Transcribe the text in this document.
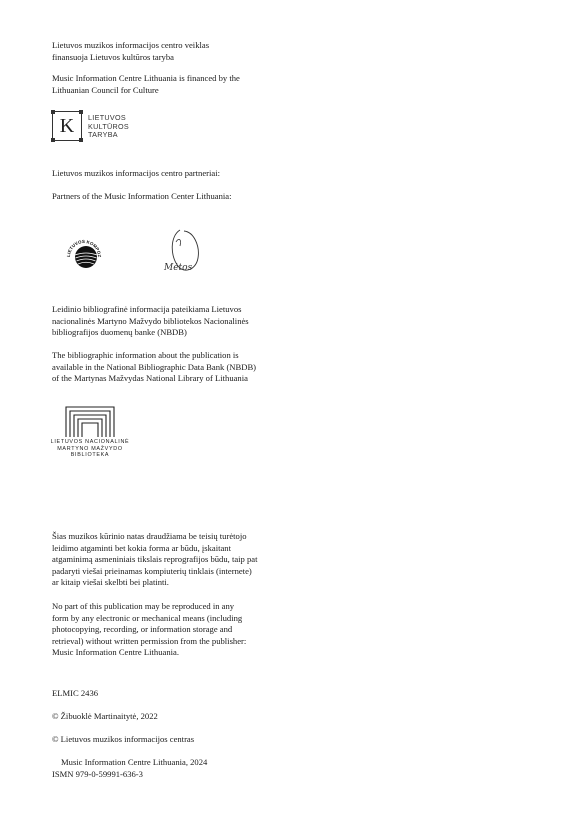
Lietuvos muzikos informacijos centro veiklas
finansuoja Lietuvos kultūros taryba

Music Information Centre Lithuania is financed by the
Lithuanian Council for Culture

K	LIETUVOS
KULTŪROS
TARYBA

Lietuvos muzikos informacijos centro partneriai:

Partners of the Music Information Center Lithuania:

LIETUVOS KOMPOZ
Mėtos

Leidinio bibliografinė informacija pateikiama Lietuvos
nacionalinės Martyno Mažvydo bibliotekos Nacionalinės
bibliografijos duomenų banke (NBDB)

The bibliographic information about the publication is
available in the National Bibliographic Data Bank (NBDB)
of the Martynas Mažvydas National Library of Lithuania

LIETUVOS NACIONALINĖ
MARTYNO MAŽVYDO
BIBLIOTEKA

Šias muzikos kūrinio natas draudžiama be teisių turėtojo
leidimo atgaminti bet kokia forma ar būdu, įskaitant
atgaminimą asmeniniais tikslais reprografijos būdu, taip pat
padaryti viešai prieinamas kompiuterių tinklais (internete)
ar kitaip viešai skelbti bei platinti.

No part of this publication may be reproduced in any
form by any electronic or mechanical means (including
photocopying, recording, or information storage and
retrieval) without written permission from the publisher:
Music Information Centre Lithuania.

ELMIC 2436

© Žibuoklė Martinaitytė, 2022

© Lietuvos muzikos informacijos centras

Music Information Centre Lithuania, 2024

ISMN 979-0-59991-636-3
